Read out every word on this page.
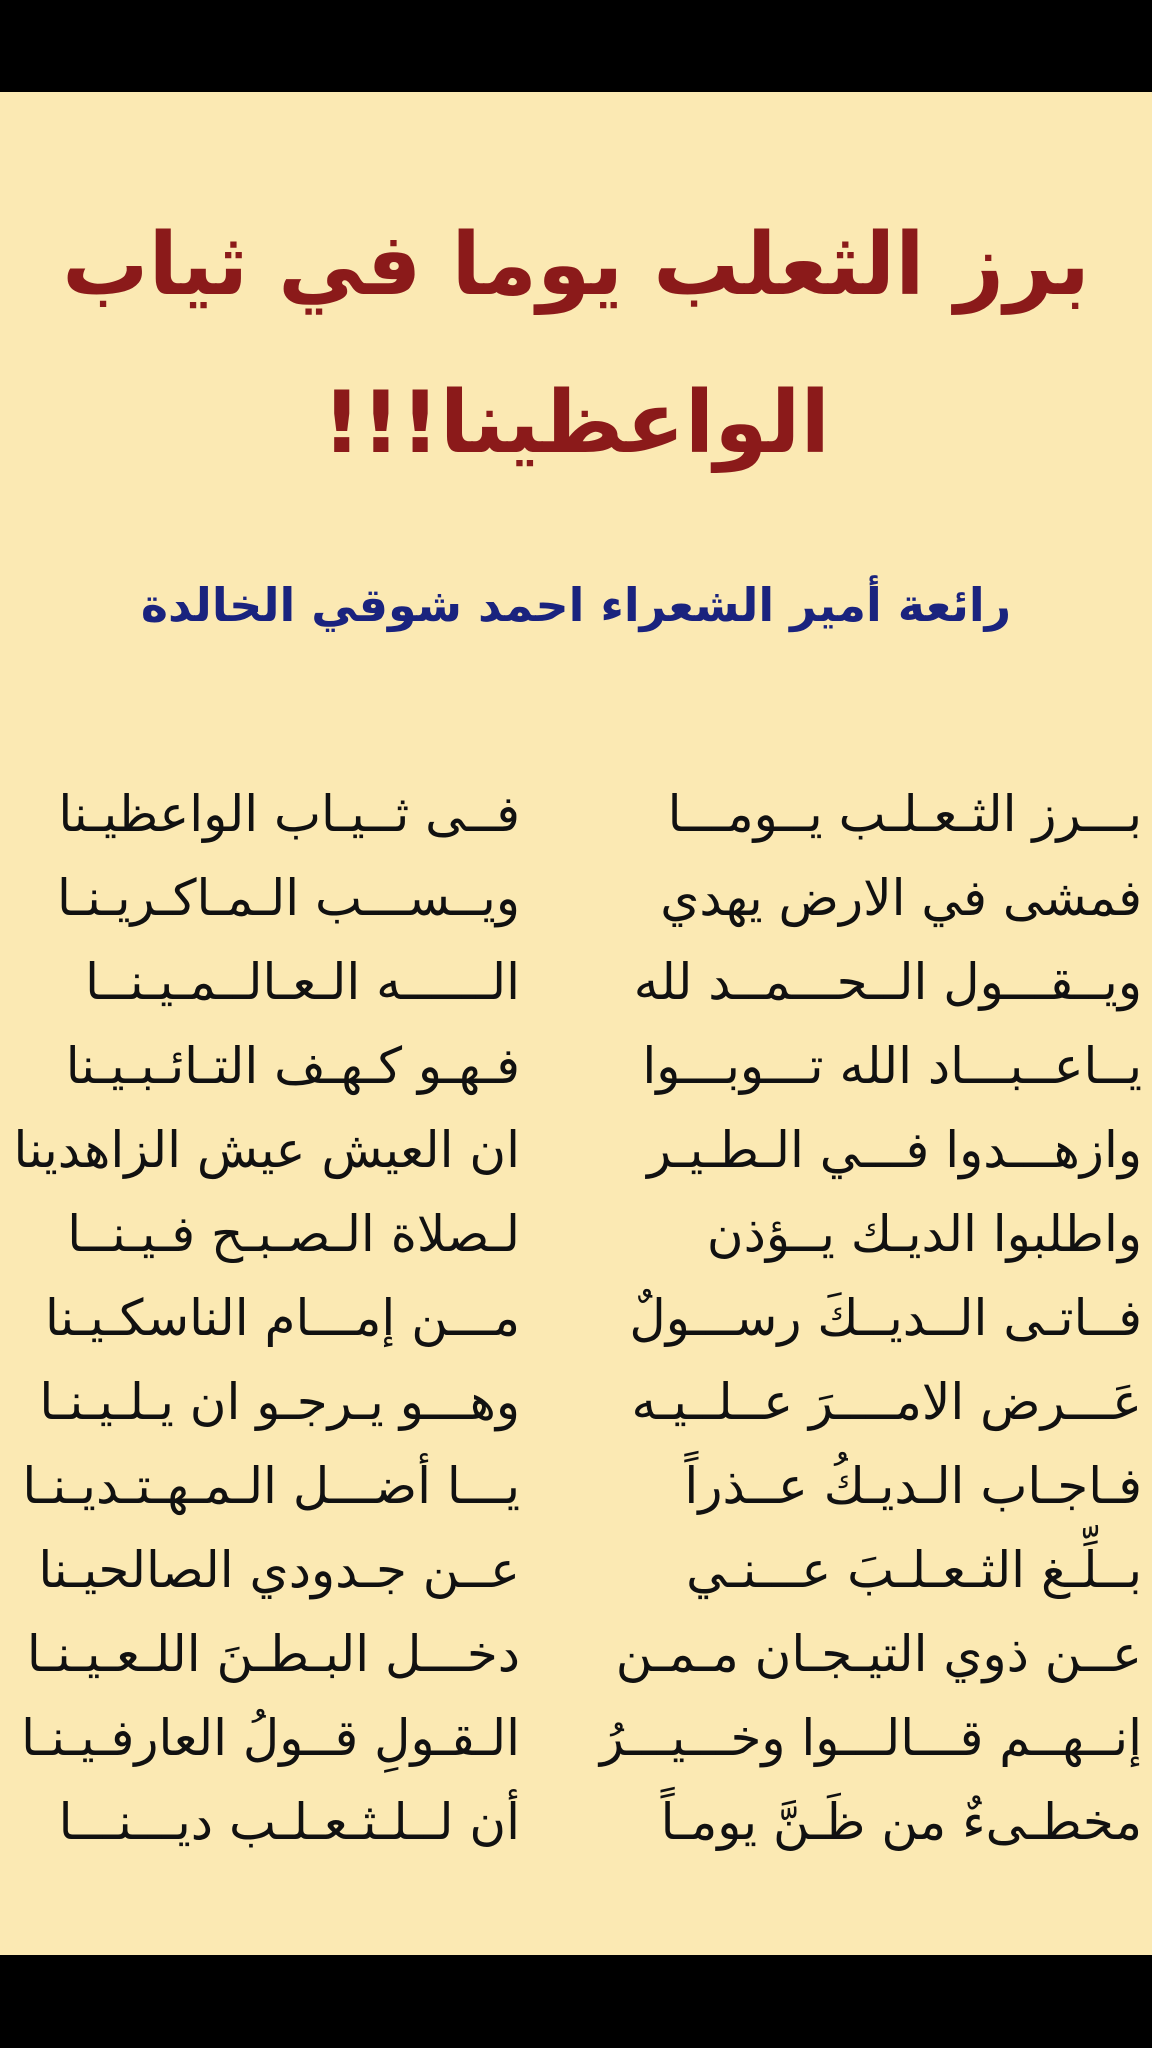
برز الثعلب يوما في ثياب
الواعظينا!!!
رائعة أمير الشعراء احمد شوقي الخالدة
بـــرز الثـعـلـب يــومـــا
فــى ثــيـاب الواعظيـنا
فمشى في الارض يهدي
ويــســـب الـمـاكـريـنـا
ويــقـــول الــحـــمــد لله
الــــــه الـعـالــمـيـنــا
يــاعــبـــاد الله تـــوبـــوا
فـهـو كـهـف التـائـبـيـنا
وازهـــدوا فـــي الـطـيـر
ان العيش عيش الزاهدينا
واطلبوا الديـك يــؤذن
لـصلاة الـصـبـح فـيـنــا
فــاتـى الــديــكَ رســـولٌ
مـــن إمـــام الناسكـيـنا
عَـــرض الامــــرَ عــلــيـه
وهـــو يـرجـو ان يـلـيـنـا
فـاجـاب الـديـكُ عــذراً
يـــا أضـــل الـمـهـتـديـنـا
بــلِّـغ الثـعـلـبَ عـــنـي
عــن جـدودي الصالحيـنا
عــن ذوي التيـجـان مـمـن
دخـــل البـطـنَ اللـعـيـنـا
إنــهــم قـــالـــوا وخـــيـــرُ
الـقـولِ قــولُ العارفـيـنـا
مخطـىءٌ من ظَـنَّ يومـاً
أن لــلـثـعـلـب ديـــنـــا
